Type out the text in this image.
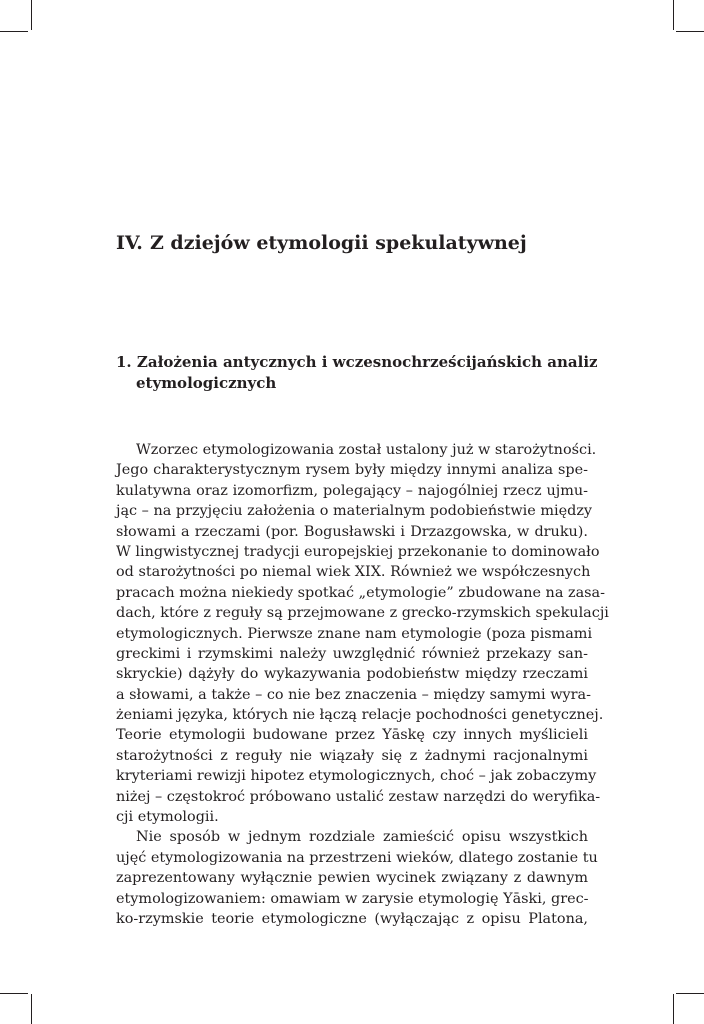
IV. Z dziejów etymologii spekulatywnej
1. Założenia antycznych i wczesnochrześcijańskich analiz
etymologicznych
Wzorzec etymologizowania został ustalony już w starożytności.
Jego charakterystycznym rysem były między innymi analiza spe-
kulatywna oraz izomorfizm, polegający – najogólniej rzecz ujmu-
jąc – na przyjęciu założenia o materialnym podobieństwie między
słowami a rzeczami (por. Bogusławski i Drzazgowska, w druku).
W lingwistycznej tradycji europejskiej przekonanie to dominowało
od starożytności po niemal wiek XIX. Również we współczesnych
pracach można niekiedy spotkać „etymologie” zbudowane na zasa-
dach, które z reguły są przejmowane z grecko-rzymskich spekulacji
etymologicznych. Pierwsze znane nam etymologie (poza pismami
greckimi i rzymskimi należy uwzględnić również przekazy san-
skryckie) dążyły do wykazywania podobieństw między rzeczami
a słowami, a także – co nie bez znaczenia – między samymi wyra-
żeniami języka, których nie łączą relacje pochodności genetycznej.
Teorie etymologii budowane przez Yāskę czy innych myślicieli
starożytności z reguły nie wiązały się z żadnymi racjonalnymi
kryteriami rewizji hipotez etymologicznych, choć – jak zobaczymy
niżej – częstokroć próbowano ustalić zestaw narzędzi do weryfika-
cji etymologii.
Nie sposób w jednym rozdziale zamieścić opisu wszystkich
ujęć etymologizowania na przestrzeni wieków, dlatego zostanie tu
zaprezentowany wyłącznie pewien wycinek związany z dawnym
etymologizowaniem: omawiam w zarysie etymologię Yāski, grec-
ko-rzymskie teorie etymologiczne (wyłączając z opisu Platona,
